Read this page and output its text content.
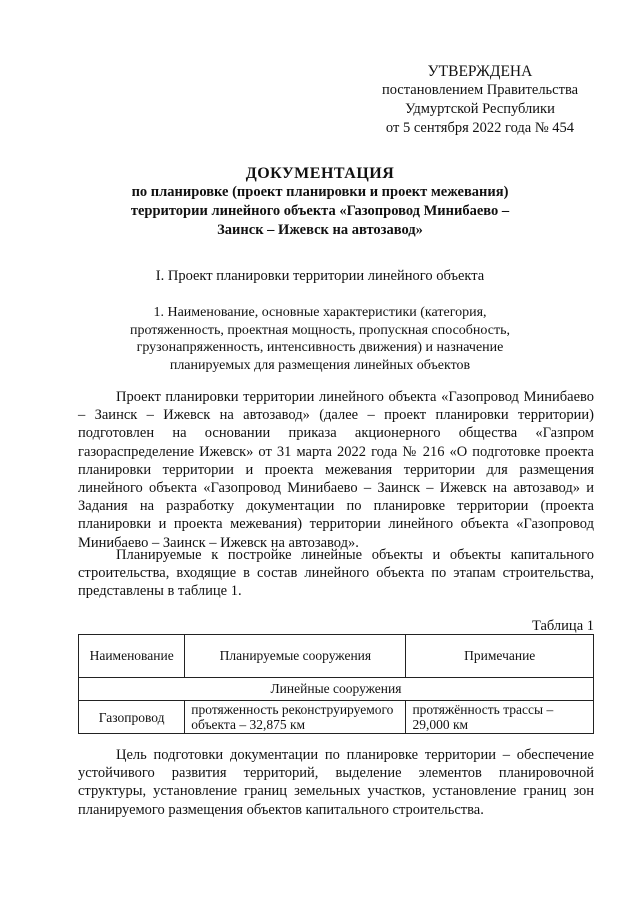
УТВЕРЖДЕНА
постановлением Правительства
Удмуртской Республики
от 5 сентября 2022 года № 454
ДОКУМЕНТАЦИЯ
по планировке (проект планировки и проект межевания)
территории линейного объекта «Газопровод Минибаево –
Заинск – Ижевск на автозавод»
I. Проект планировки территории линейного объекта
1. Наименование, основные характеристики (категория,
протяженность, проектная мощность, пропускная способность,
грузонапряженность, интенсивность движения) и назначение
планируемых для размещения линейных объектов
Проект планировки территории линейного объекта «Газопровод Минибаево – Заинск – Ижевск на автозавод» (далее – проект планировки территории) подготовлен на основании приказа акционерного общества «Газпром газораспределение Ижевск» от 31 марта 2022 года № 216 «О подготовке проекта планировки территории и проекта межевания территории для размещения линейного объекта «Газопровод Минибаево – Заинск – Ижевск на автозавод» и Задания на разработку документации по планировке территории (проекта планировки и проекта межевания) территории линейного объекта «Газопровод Минибаево – Заинск – Ижевск на автозавод».
Планируемые к постройке линейные объекты и объекты капитального строительства, входящие в состав линейного объекта по этапам строительства, представлены в таблице 1.
Таблица 1
Наименование	Планируемые сооружения	Примечание
Линейные сооружения		
Газопровод	протяженность реконструируемого объекта – 32,875 км	протяжённость трассы – 29,000 км
Цель подготовки документации по планировке территории – обеспечение устойчивого развития территорий, выделение элементов планировочной структуры, установление границ земельных участков, установление границ зон планируемого размещения объектов капитального строительства.
